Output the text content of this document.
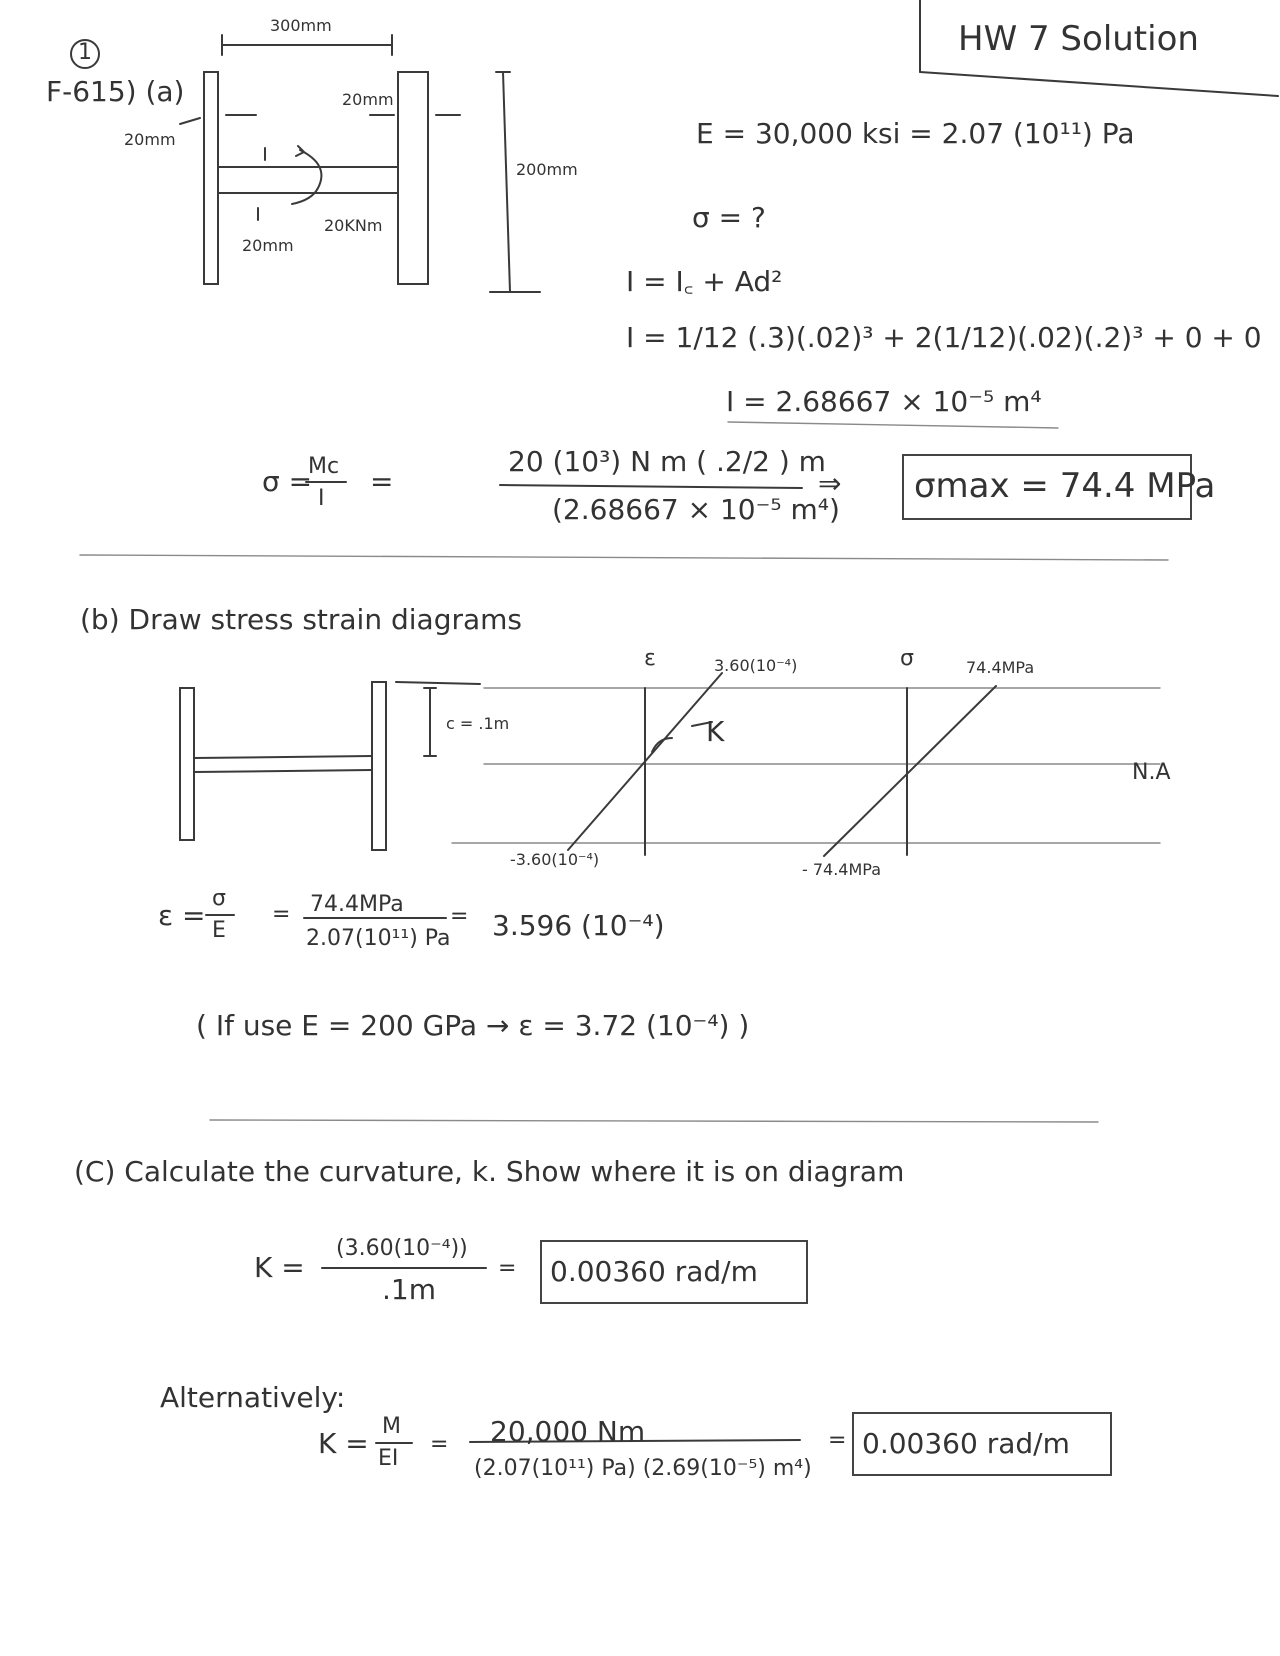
HW 7 Solution
1
F-615) (a)
300mm
200mm
20mm
20mm
20mm
20KNm
E = 30,000 ksi = 2.07 (10¹¹) Pa
σ = ?
I = I꜀ + Ad²
I = 1/12 (.3)(.02)³ + 2(1/12)(.02)(.2)³ + 0 + 0
I = 2.68667 × 10⁻⁵ m⁴
σ =
Mc
I
=
20 (10³) N m ( .2/2 ) m
(2.68667 × 10⁻⁵ m⁴)
⇒ σmax = 74.4 MPa
(b) Draw stress strain diagrams
c = .1m
ε	3.60(10⁻⁴)
-3.60(10⁻⁴)
K
σ	74.4MPa
- 74.4MPa
N.A
ε =
σ
E
= 74.4MPa
2.07(10¹¹) Pa
= 3.596 (10⁻⁴)
( If use E = 200 GPa → ε = 3.72 (10⁻⁴) )
(C) Calculate the curvature, k. Show where it is on diagram
K =
(3.60(10⁻⁴))
.1m
= 0.00360 rad/m
Alternatively:
K =
M
EI
= 20,000 Nm
(2.07(10¹¹) Pa) (2.69(10⁻⁵) m⁴)
= 0.00360 rad/m
